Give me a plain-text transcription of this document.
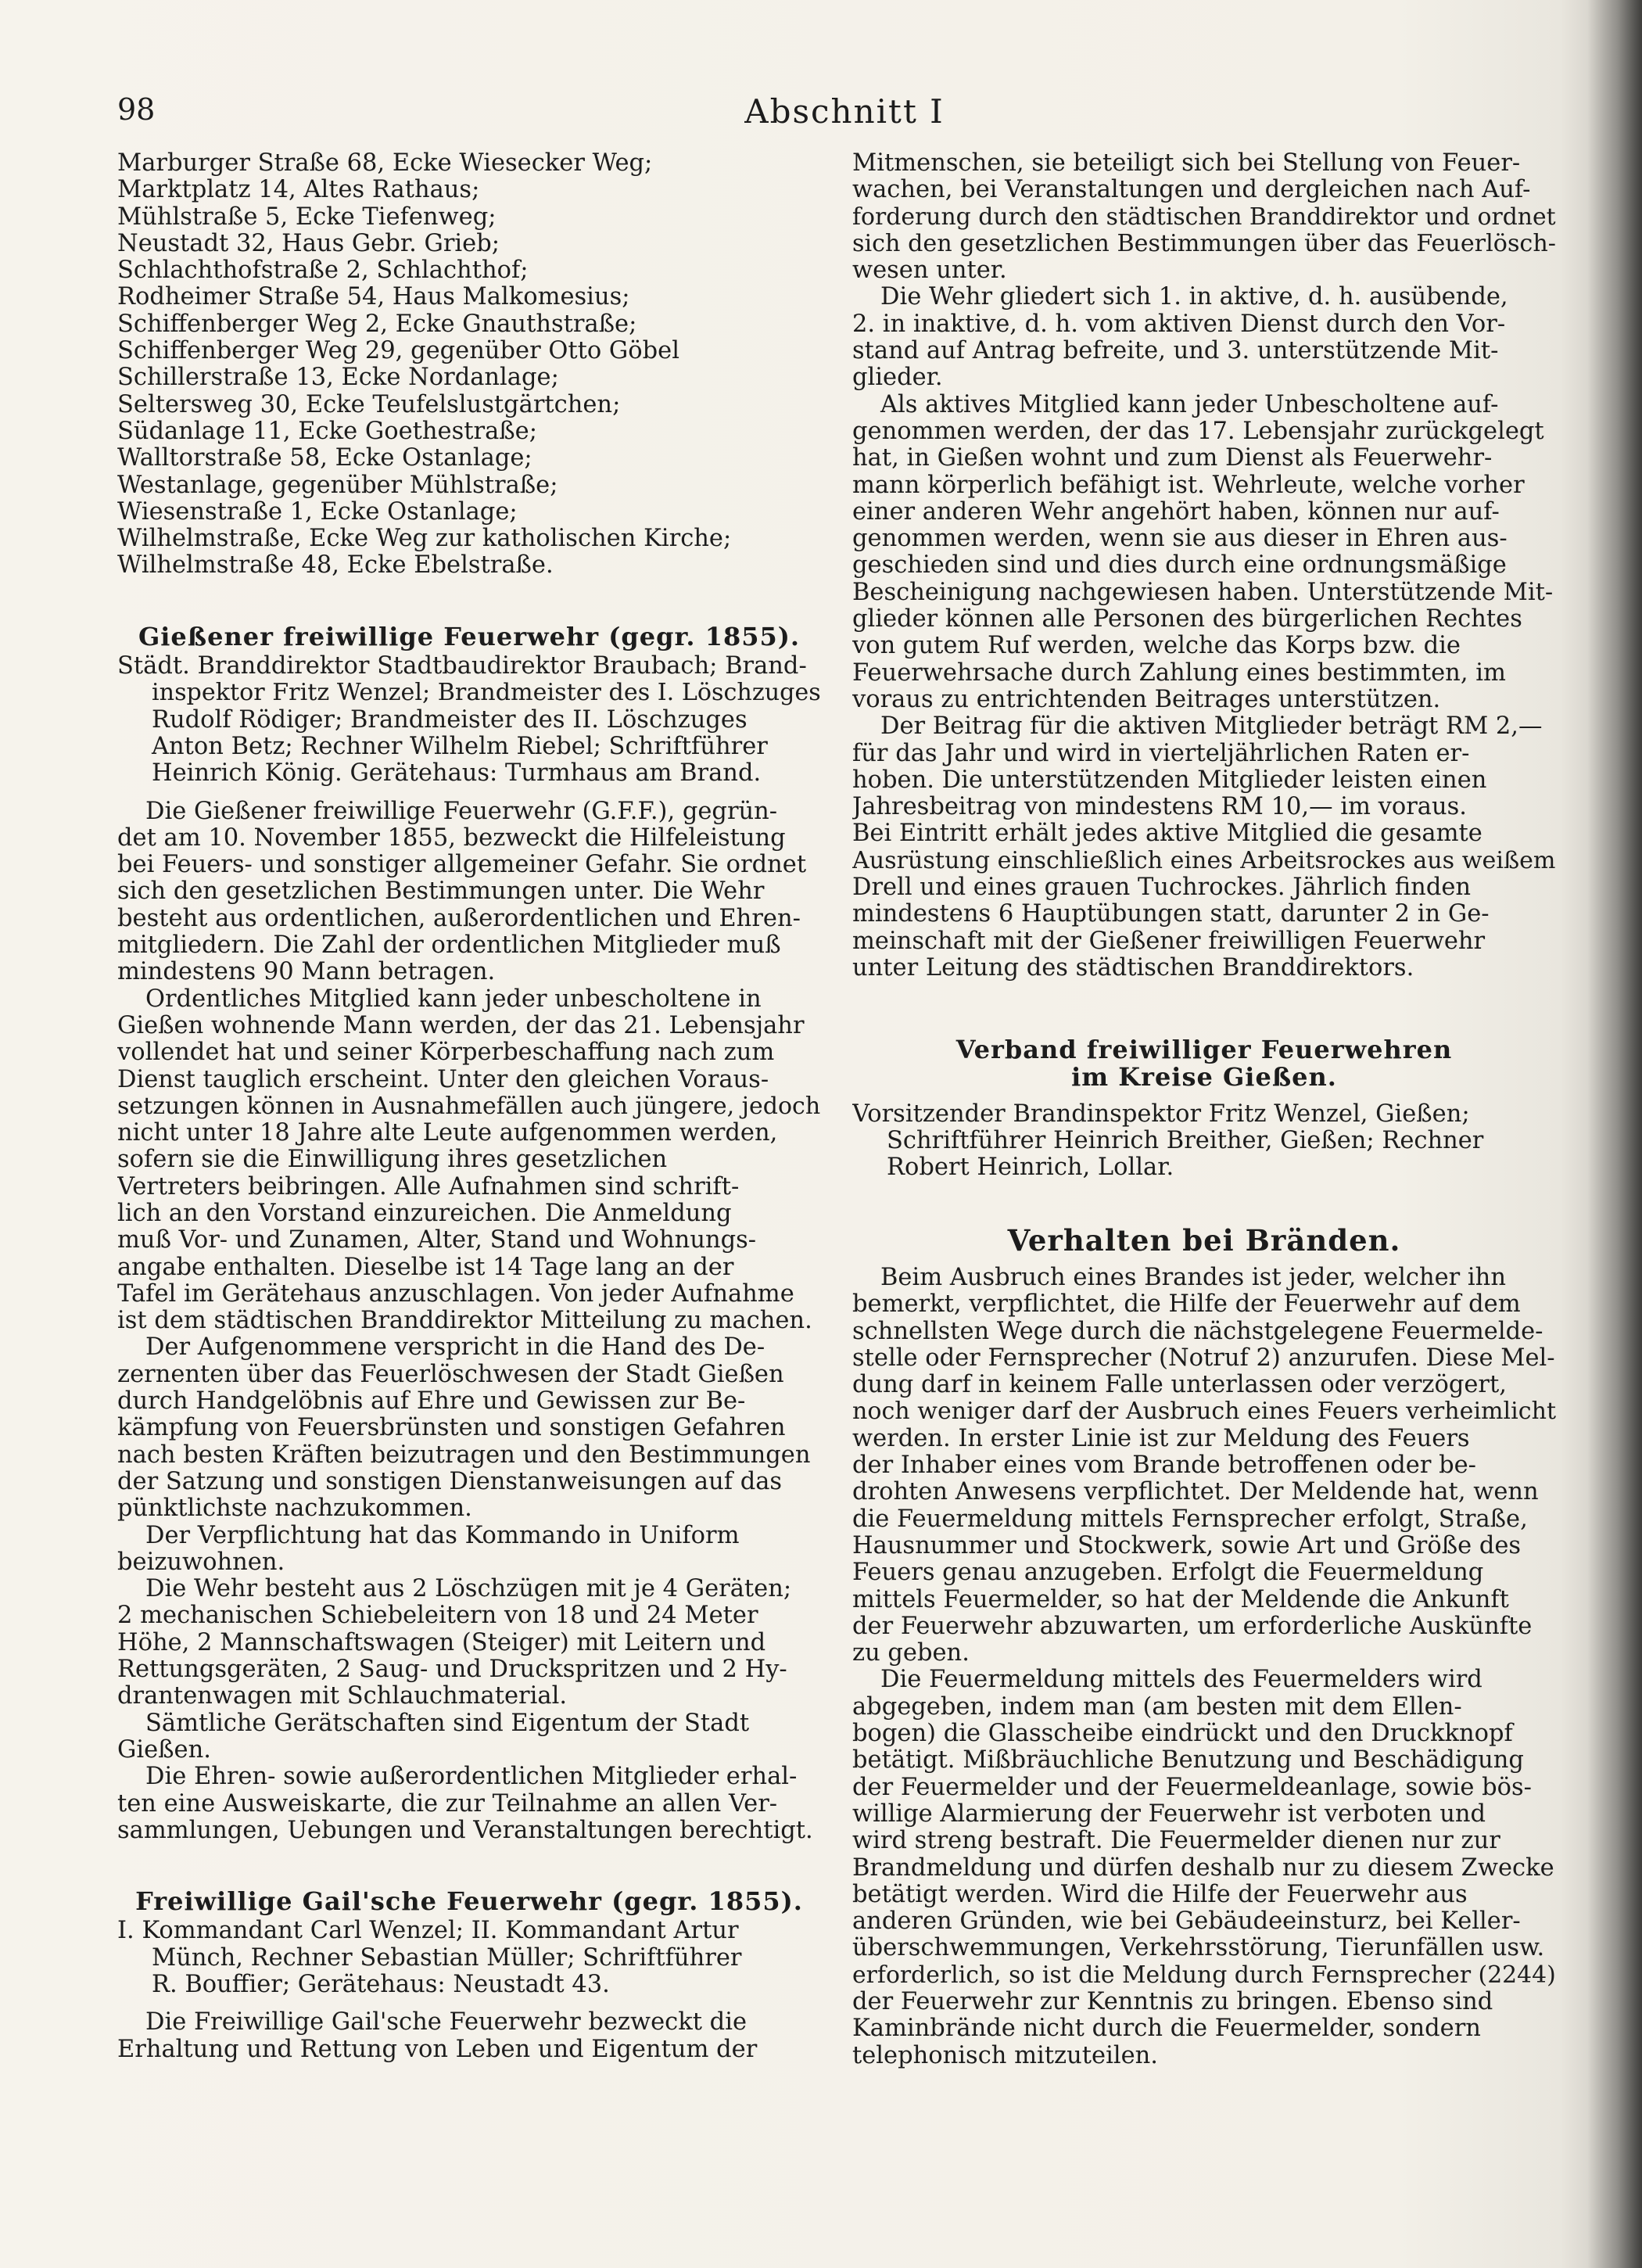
98	Abschnitt I
Marburger Straße 68, Ecke Wiesecker Weg;
Marktplatz 14, Altes Rathaus;
Mühlstraße 5, Ecke Tiefenweg;
Neustadt 32, Haus Gebr. Grieb;
Schlachthofstraße 2, Schlachthof;
Rodheimer Straße 54, Haus Malkomesius;
Schiffenberger Weg 2, Ecke Gnauthstraße;
Schiffenberger Weg 29, gegenüber Otto Göbel
Schillerstraße 13, Ecke Nordanlage;
Seltersweg 30, Ecke Teufelslustgärtchen;
Südanlage 11, Ecke Goethestraße;
Walltorstraße 58, Ecke Ostanlage;
Westanlage, gegenüber Mühlstraße;
Wiesenstraße 1, Ecke Ostanlage;
Wilhelmstraße, Ecke Weg zur katholischen Kirche;
Wilhelmstraße 48, Ecke Ebelstraße.
Gießener freiwillige Feuerwehr (gegr. 1855).
Städt. Branddirektor Stadtbaudirektor Braubach; Brand-
inspektor Fritz Wenzel; Brandmeister des I. Löschzuges
Rudolf Rödiger; Brandmeister des II. Löschzuges
Anton Betz; Rechner Wilhelm Riebel; Schriftführer
Heinrich König. Gerätehaus: Turmhaus am Brand.
Die Gießener freiwillige Feuerwehr (G.F.F.), gegrün-
det am 10. November 1855, bezweckt die Hilfeleistung
bei Feuers- und sonstiger allgemeiner Gefahr. Sie ordnet
sich den gesetzlichen Bestimmungen unter. Die Wehr
besteht aus ordentlichen, außerordentlichen und Ehren-
mitgliedern. Die Zahl der ordentlichen Mitglieder muß
mindestens 90 Mann betragen.
Ordentliches Mitglied kann jeder unbescholtene in
Gießen wohnende Mann werden, der das 21. Lebensjahr
vollendet hat und seiner Körperbeschaffung nach zum
Dienst tauglich erscheint. Unter den gleichen Voraus-
setzungen können in Ausnahmefällen auch jüngere, jedoch
nicht unter 18 Jahre alte Leute aufgenommen werden,
sofern sie die Einwilligung ihres gesetzlichen
Vertreters beibringen. Alle Aufnahmen sind schrift-
lich an den Vorstand einzureichen. Die Anmeldung
muß Vor- und Zunamen, Alter, Stand und Wohnungs-
angabe enthalten. Dieselbe ist 14 Tage lang an der
Tafel im Gerätehaus anzuschlagen. Von jeder Aufnahme
ist dem städtischen Branddirektor Mitteilung zu machen.
Der Aufgenommene verspricht in die Hand des De-
zernenten über das Feuerlöschwesen der Stadt Gießen
durch Handgelöbnis auf Ehre und Gewissen zur Be-
kämpfung von Feuersbrünsten und sonstigen Gefahren
nach besten Kräften beizutragen und den Bestimmungen
der Satzung und sonstigen Dienstanweisungen auf das
pünktlichste nachzukommen.
Der Verpflichtung hat das Kommando in Uniform
beizuwohnen.
Die Wehr besteht aus 2 Löschzügen mit je 4 Geräten;
2 mechanischen Schiebeleitern von 18 und 24 Meter
Höhe, 2 Mannschaftswagen (Steiger) mit Leitern und
Rettungsgeräten, 2 Saug- und Druckspritzen und 2 Hy-
drantenwagen mit Schlauchmaterial.
Sämtliche Gerätschaften sind Eigentum der Stadt
Gießen.
Die Ehren- sowie außerordentlichen Mitglieder erhal-
ten eine Ausweiskarte, die zur Teilnahme an allen Ver-
sammlungen, Uebungen und Veranstaltungen berechtigt.
Freiwillige Gail'sche Feuerwehr (gegr. 1855).
I. Kommandant Carl Wenzel; II. Kommandant Artur
Münch, Rechner Sebastian Müller; Schriftführer
R. Bouffier; Gerätehaus: Neustadt 43.
Die Freiwillige Gail'sche Feuerwehr bezweckt die
Erhaltung und Rettung von Leben und Eigentum der
Mitmenschen, sie beteiligt sich bei Stellung von Feuer-
wachen, bei Veranstaltungen und dergleichen nach Auf-
forderung durch den städtischen Branddirektor und ordnet
sich den gesetzlichen Bestimmungen über das Feuerlösch-
wesen unter.
Die Wehr gliedert sich 1. in aktive, d. h. ausübende,
2. in inaktive, d. h. vom aktiven Dienst durch den Vor-
stand auf Antrag befreite, und 3. unterstützende Mit-
glieder.
Als aktives Mitglied kann jeder Unbescholtene auf-
genommen werden, der das 17. Lebensjahr zurückgelegt
hat, in Gießen wohnt und zum Dienst als Feuerwehr-
mann körperlich befähigt ist. Wehrleute, welche vorher
einer anderen Wehr angehört haben, können nur auf-
genommen werden, wenn sie aus dieser in Ehren aus-
geschieden sind und dies durch eine ordnungsmäßige
Bescheinigung nachgewiesen haben. Unterstützende Mit-
glieder können alle Personen des bürgerlichen Rechtes
von gutem Ruf werden, welche das Korps bzw. die
Feuerwehrsache durch Zahlung eines bestimmten, im
voraus zu entrichtenden Beitrages unterstützen.
Der Beitrag für die aktiven Mitglieder beträgt RM 2,—
für das Jahr und wird in vierteljährlichen Raten er-
hoben. Die unterstützenden Mitglieder leisten einen
Jahresbeitrag von mindestens RM 10,— im voraus.
Bei Eintritt erhält jedes aktive Mitglied die gesamte
Ausrüstung einschließlich eines Arbeitsrockes aus weißem
Drell und eines grauen Tuchrockes. Jährlich finden
mindestens 6 Hauptübungen statt, darunter 2 in Ge-
meinschaft mit der Gießener freiwilligen Feuerwehr
unter Leitung des städtischen Branddirektors.
Verband freiwilliger Feuerwehren
im Kreise Gießen.
Vorsitzender Brandinspektor Fritz Wenzel, Gießen;
Schriftführer Heinrich Breither, Gießen; Rechner
Robert Heinrich, Lollar.
Verhalten bei Bränden.
Beim Ausbruch eines Brandes ist jeder, welcher ihn
bemerkt, verpflichtet, die Hilfe der Feuerwehr auf dem
schnellsten Wege durch die nächstgelegene Feuermelde-
stelle oder Fernsprecher (Notruf 2) anzurufen. Diese Mel-
dung darf in keinem Falle unterlassen oder verzögert,
noch weniger darf der Ausbruch eines Feuers verheimlicht
werden. In erster Linie ist zur Meldung des Feuers
der Inhaber eines vom Brande betroffenen oder be-
drohten Anwesens verpflichtet. Der Meldende hat, wenn
die Feuermeldung mittels Fernsprecher erfolgt, Straße,
Hausnummer und Stockwerk, sowie Art und Größe des
Feuers genau anzugeben. Erfolgt die Feuermeldung
mittels Feuermelder, so hat der Meldende die Ankunft
der Feuerwehr abzuwarten, um erforderliche Auskünfte
zu geben.
Die Feuermeldung mittels des Feuermelders wird
abgegeben, indem man (am besten mit dem Ellen-
bogen) die Glasscheibe eindrückt und den Druckknopf
betätigt. Mißbräuchliche Benutzung und Beschädigung
der Feuermelder und der Feuermeldeanlage, sowie bös-
willige Alarmierung der Feuerwehr ist verboten und
wird streng bestraft. Die Feuermelder dienen nur zur
Brandmeldung und dürfen deshalb nur zu diesem Zwecke
betätigt werden. Wird die Hilfe der Feuerwehr aus
anderen Gründen, wie bei Gebäudeeinsturz, bei Keller-
überschwemmungen, Verkehrsstörung, Tierunfällen usw.
erforderlich, so ist die Meldung durch Fernsprecher (2244)
der Feuerwehr zur Kenntnis zu bringen. Ebenso sind
Kaminbrände nicht durch die Feuermelder, sondern
telephonisch mitzuteilen.
